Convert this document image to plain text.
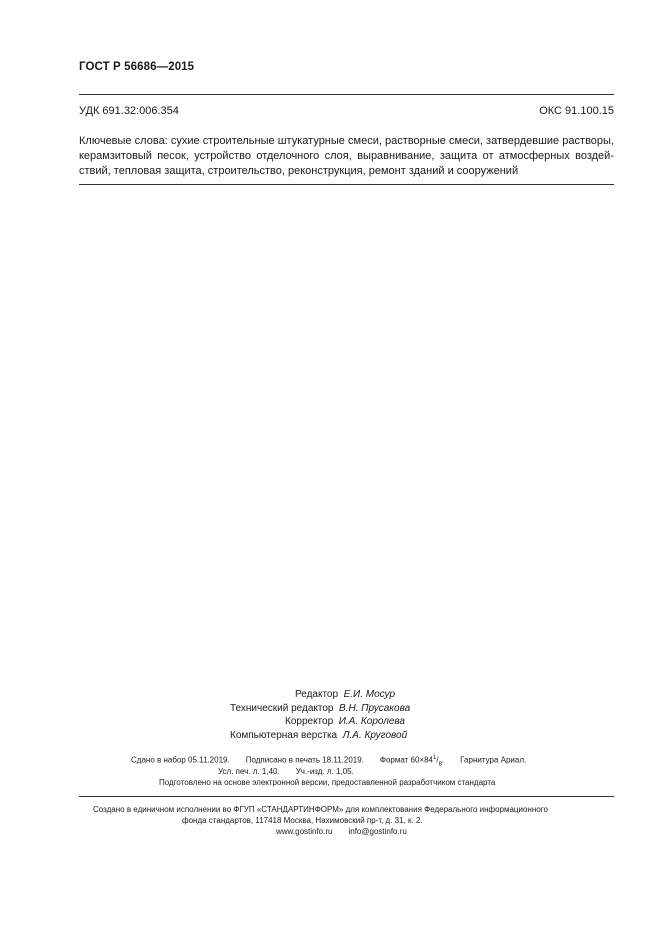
ГОСТ Р 56686—2015
УДК 691.32:006.354	ОКС 91.100.15
Ключевые слова: сухие строительные штукатурные смеси, растворные смеси, затвердевшие растворы,
керамзитовый песок, устройство отделочного слоя, выравнивание, защита от атмосферных воздей-
ствий, тепловая защита, строительство, реконструкция, ремонт зданий и сооружений
Редактор Е.И. Мосур
Технический редактор В.Н. Прусакова
Корректор И.А. Королева
Компьютерная верстка Л.А. Круговой
Сдано в набор 05.11.2019. Подписано в печать 18.11.2019. Формат $60\times 84^1/_8$. Гарнитура Ариал.
Усл. печ. л. 1,40. Уч.-изд. л. 1,05.
Подготовлено на основе электронной версии, предоставленной разработчиком стандарта
Создано в единичном исполнении во ФГУП «СТАНДАРТИНФОРМ» для комплектования Федерального информационного
фонда стандартов, 117418 Москва, Нахимовский пр-т, д. 31, к. 2.
www.gostinfo.ru info@gostinfo.ru
